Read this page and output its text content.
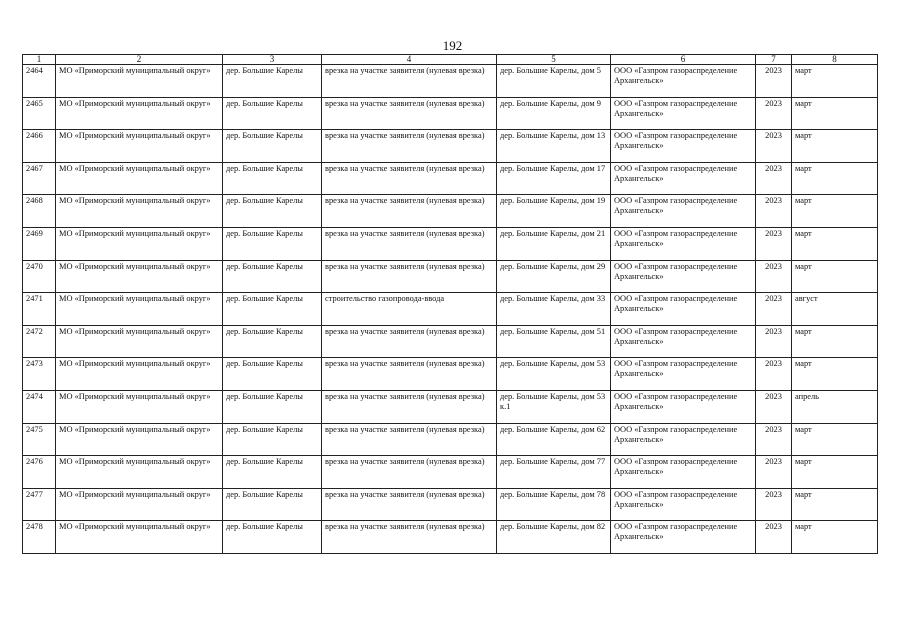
192
1	2	3	4	5	6	7	8
2464	МО «Приморский муниципальный округ»	дер. Большие Карелы	врезка на участке заявителя (нулевая врезка)	дер. Большие Карелы, дом 5	ООО «Газпром газораспределение Архангельск»	2023	март
2465	МО «Приморский муниципальный округ»	дер. Большие Карелы	врезка на участке заявителя (нулевая врезка)	дер. Большие Карелы, дом 9	ООО «Газпром газораспределение Архангельск»	2023	март
2466	МО «Приморский муниципальный округ»	дер. Большие Карелы	врезка на участке заявителя (нулевая врезка)	дер. Большие Карелы, дом 13	ООО «Газпром газораспределение Архангельск»	2023	март
2467	МО «Приморский муниципальный округ»	дер. Большие Карелы	врезка на участке заявителя (нулевая врезка)	дер. Большие Карелы, дом 17	ООО «Газпром газораспределение Архангельск»	2023	март
2468	МО «Приморский муниципальный округ»	дер. Большие Карелы	врезка на участке заявителя (нулевая врезка)	дер. Большие Карелы, дом 19	ООО «Газпром газораспределение Архангельск»	2023	март
2469	МО «Приморский муниципальный округ»	дер. Большие Карелы	врезка на участке заявителя (нулевая врезка)	дер. Большие Карелы, дом 21	ООО «Газпром газораспределение Архангельск»	2023	март
2470	МО «Приморский муниципальный округ»	дер. Большие Карелы	врезка на участке заявителя (нулевая врезка)	дер. Большие Карелы, дом 29	ООО «Газпром газораспределение Архангельск»	2023	март
2471	МО «Приморский муниципальный округ»	дер. Большие Карелы	строительство газопровода-ввода	дер. Большие Карелы, дом 33	ООО «Газпром газораспределение Архангельск»	2023	август
2472	МО «Приморский муниципальный округ»	дер. Большие Карелы	врезка на участке заявителя (нулевая врезка)	дер. Большие Карелы, дом 51	ООО «Газпром газораспределение Архангельск»	2023	март
2473	МО «Приморский муниципальный округ»	дер. Большие Карелы	врезка на участке заявителя (нулевая врезка)	дер. Большие Карелы, дом 53	ООО «Газпром газораспределение Архангельск»	2023	март
2474	МО «Приморский муниципальный округ»	дер. Большие Карелы	врезка на участке заявителя (нулевая врезка)	дер. Большие Карелы, дом 53 к.1	ООО «Газпром газораспределение Архангельск»	2023	апрель
2475	МО «Приморский муниципальный округ»	дер. Большие Карелы	врезка на участке заявителя (нулевая врезка)	дер. Большие Карелы, дом 62	ООО «Газпром газораспределение Архангельск»	2023	март
2476	МО «Приморский муниципальный округ»	дер. Большие Карелы	врезка на участке заявителя (нулевая врезка)	дер. Большие Карелы, дом 77	ООО «Газпром газораспределение Архангельск»	2023	март
2477	МО «Приморский муниципальный округ»	дер. Большие Карелы	врезка на участке заявителя (нулевая врезка)	дер. Большие Карелы, дом 78	ООО «Газпром газораспределение Архангельск»	2023	март
2478	МО «Приморский муниципальный округ»	дер. Большие Карелы	врезка на участке заявителя (нулевая врезка)	дер. Большие Карелы, дом 82	ООО «Газпром газораспределение Архангельск»	2023	март
